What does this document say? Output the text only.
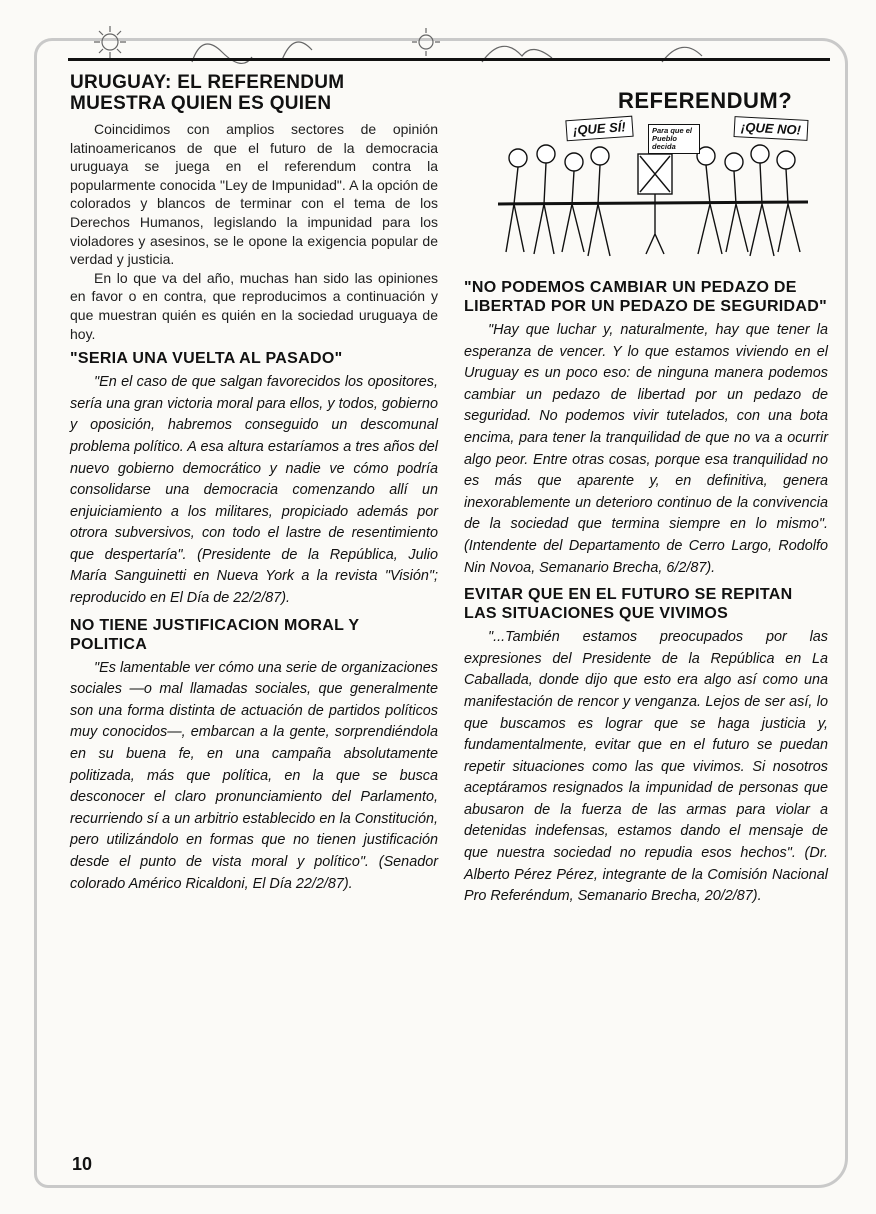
URUGUAY: EL REFERENDUM MUESTRA QUIEN ES QUIEN

Coincidimos con amplios sectores de opinión latinoamericanos de que el futuro de la democracia uruguaya se juega en el referendum contra la popularmente conocida "Ley de Impunidad". A la opción de colorados y blancos de terminar con el tema de los Derechos Humanos, legislando la impunidad para los violadores y asesinos, se le opone la exigencia popular de verdad y justicia.

En lo que va del año, muchas han sido las opiniones en favor o en contra, que reproducimos a continuación y que muestran quién es quién en la sociedad uruguaya de hoy.

"SERIA UNA VUELTA AL PASADO"

"En el caso de que salgan favorecidos los opositores, sería una gran victoria moral para ellos, y todos, gobierno y oposición, habremos conseguido un descomunal problema político. A esa altura estaríamos a tres años del nuevo gobierno democrático y nadie ve cómo podría consolidarse una democracia comenzando allí un enjuiciamiento a los militares, propiciado además por otrora subversivos, con todo el lastre de resentimiento que despertaría". (Presidente de la República, Julio María Sanguinetti en Nueva York a la revista "Visión"; reproducido en El Día de 22/2/87).

NO TIENE JUSTIFICACION MORAL Y POLITICA

"Es lamentable ver cómo una serie de organizaciones sociales —o mal llamadas sociales, que generalmente son una forma distinta de actuación de partidos políticos muy conocidos—, embarcan a la gente, sorprendiéndola en su buena fe, en una campaña absolutamente politizada, más que política, en la que se busca desconocer el claro pronunciamiento del Parlamento, recurriendo sí a un arbitrio establecido en la Constitución, pero utilizándolo en formas que no tienen justificación desde el punto de vista moral y político". (Senador colorado Américo Ricaldoni, El Día 22/2/87).

REFERENDUM?
¡QUE SÍ!	¡QUE NO!
Para que el Pueblo decida
"NO PODEMOS CAMBIAR UN PEDAZO DE LIBERTAD POR UN PEDAZO DE SEGURIDAD"

"Hay que luchar y, naturalmente, hay que tener la esperanza de vencer. Y lo que estamos viviendo en el Uruguay es un poco eso: de ninguna manera podemos cambiar un pedazo de libertad por un pedazo de seguridad. No podemos vivir tutelados, con una bota encima, para tener la tranquilidad de que no va a ocurrir algo peor. Entre otras cosas, porque esa tranquilidad no es más que aparente y, en definitiva, genera inexorablemente un deterioro continuo de la convivencia de la sociedad que termina siempre en lo mismo". (Intendente del Departamento de Cerro Largo, Rodolfo Nin Novoa, Semanario Brecha, 6/2/87).

EVITAR QUE EN EL FUTURO SE REPITAN LAS SITUACIONES QUE VIVIMOS

"...También estamos preocupados por las expresiones del Presidente de la República en La Caballada, donde dijo que esto era algo así como una manifestación de rencor y venganza. Lejos de ser así, lo que buscamos es lograr que se haga justicia y, fundamentalmente, evitar que en el futuro se puedan repetir situaciones como las que vivimos. Si nosotros aceptáramos resignados la impunidad de personas que abusaron de la fuerza de las armas para violar a detenidas indefensas, estamos dando el mensaje de que nuestra sociedad no repudia esos hechos". (Dr. Alberto Pérez Pérez, integrante de la Comisión Nacional Pro Referéndum, Semanario Brecha, 20/2/87).

10
